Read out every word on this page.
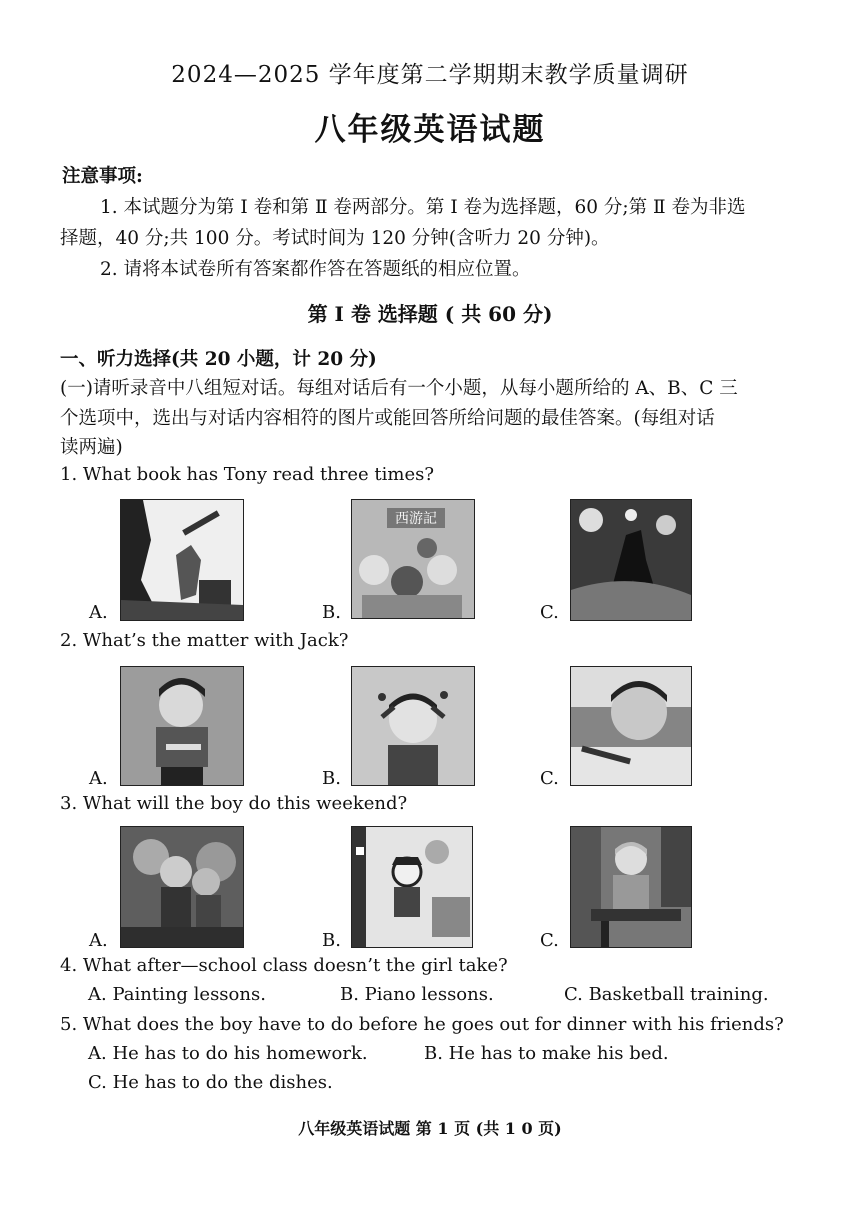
2024—2025 学年度第二学期期末教学质量调研
八年级英语试题
注意事项:
1. 本试题分为第 Ⅰ 卷和第 Ⅱ 卷两部分。第 Ⅰ 卷为选择题，60 分;第 Ⅱ 卷为非选
择题，40 分;共 100 分。考试时间为 120 分钟(含听力 20 分钟)。
2. 请将本试卷所有答案都作答在答题纸的相应位置。
第 Ⅰ 卷 选择题 ( 共 60 分)
一、听力选择(共 20 小题，计 20 分)
(一)请听录音中八组短对话。每组对话后有一个小题，从每小题所给的 A、B、C 三
个选项中，选出与对话内容相符的图片或能回答所给问题的最佳答案。(每组对话
读两遍)
1. What book has Tony read three times?
A.	B.
西游記
C.
2. What’s the matter with Jack?
A.	B.	C.
3. What will the boy do this weekend?
A.	B.	C.
4. What after—school class doesn’t the girl take?
A. Painting lessons.	B. Piano lessons.	C. Basketball training.
5. What does the boy have to do before he goes out for dinner with his friends?
A. He has to do his homework.	B. He has to make his bed.
C. He has to do the dishes.
八年级英语试题 第 1 页 (共 1 0 页)
